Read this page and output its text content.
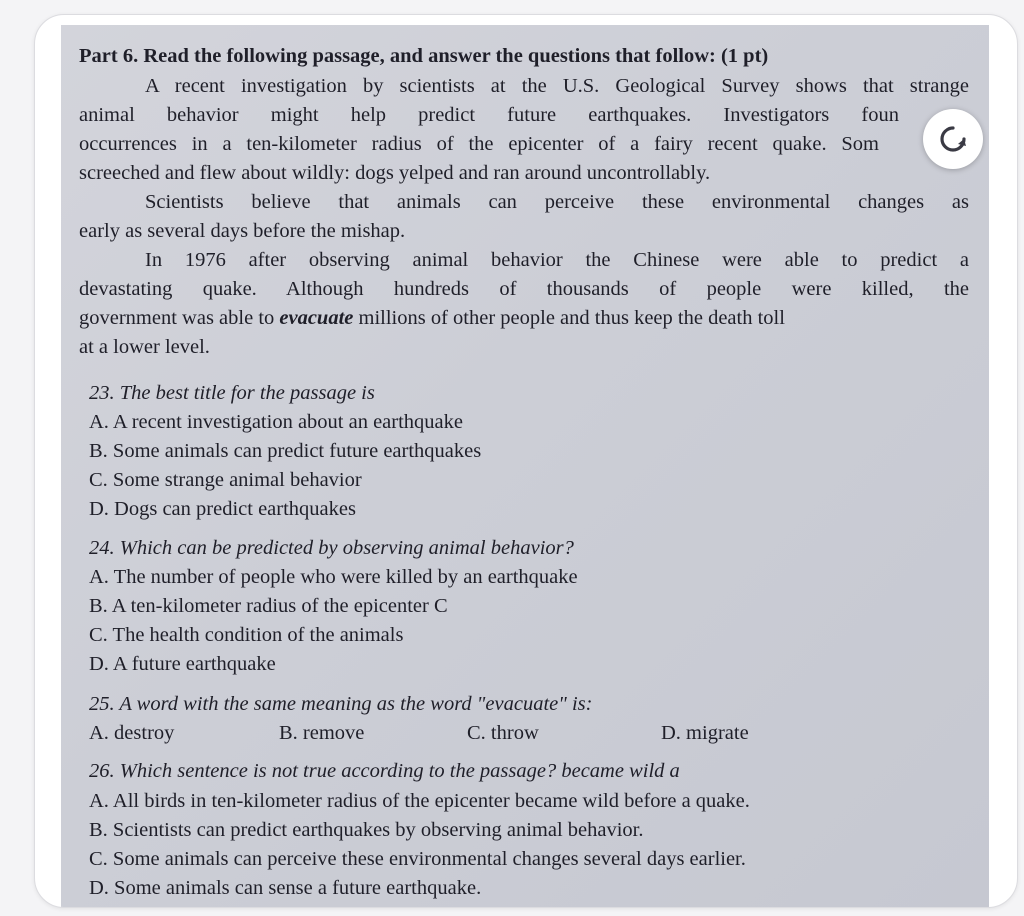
Part 6. Read the following passage, and answer the questions that follow: (1 pt)
A recent investigation by scientists at the U.S. Geological Survey shows that strange
animal behavior might help predict future earthquakes. Investigators foun
occurrences in a ten-kilometer radius of the epicenter of a fairy recent quake. Som
screeched and flew about wildly: dogs yelped and ran around uncontrollably.
Scientists believe that animals can perceive these environmental changes as
early as several days before the mishap.
In 1976 after observing animal behavior the Chinese were able to predict a
devastating quake. Although hundreds of thousands of people were killed, the
government was able to evacuate millions of other people and thus keep the death toll
at a lower level.
23. The best title for the passage is
A. A recent investigation about an earthquake
B. Some animals can predict future earthquakes
C. Some strange animal behavior
D. Dogs can predict earthquakes
24. Which can be predicted by observing animal behavior?
A. The number of people who were killed by an earthquake
B. A ten-kilometer radius of the epicenter C
C. The health condition of the animals
D. A future earthquake
25. A word with the same meaning as the word "evacuate" is:
A. destroy	B. remove	C. throw	D. migrate
26. Which sentence is not true according to the passage? became wild a
A. All birds in ten-kilometer radius of the epicenter became wild before a quake.
B. Scientists can predict earthquakes by observing animal behavior.
C. Some animals can perceive these environmental changes several days earlier.
D. Some animals can sense a future earthquake.
